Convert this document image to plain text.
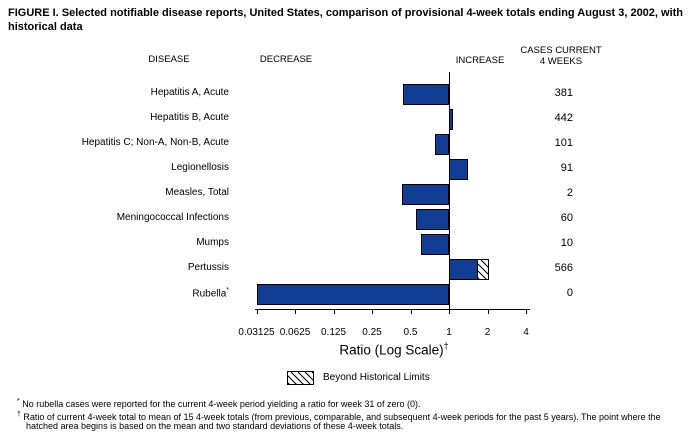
FIGURE I. Selected notifiable disease reports, United States, comparison of provisional 4-week totals ending August 3, 2002, with historical data
DISEASE	DECREASE	INCREASE
CASES CURRENT
4 WEEKS
Hepatitis A, Acute	381
Hepatitis B, Acute	442
Hepatitis C; Non-A, Non-B, Acute	101
Legionellosis	91
Measles, Total	2
Meningococcal Infections	60
Mumps	10
Pertussis	566
Rubella*	0
0.03125 0.0625	0.125	0.25	0.5	1	2	4
Ratio (Log Scale)†
Beyond Historical Limits

* No rubella cases were reported for the current 4-week period yielding a ratio for week 31 of zero (0).

† Ratio of current 4-week total to mean of 15 4-week totals (from previous, comparable, and subsequent 4-week periods for the past 5 years). The point where the hatched area begins is based on the mean and two standard deviations of these 4-week totals.
